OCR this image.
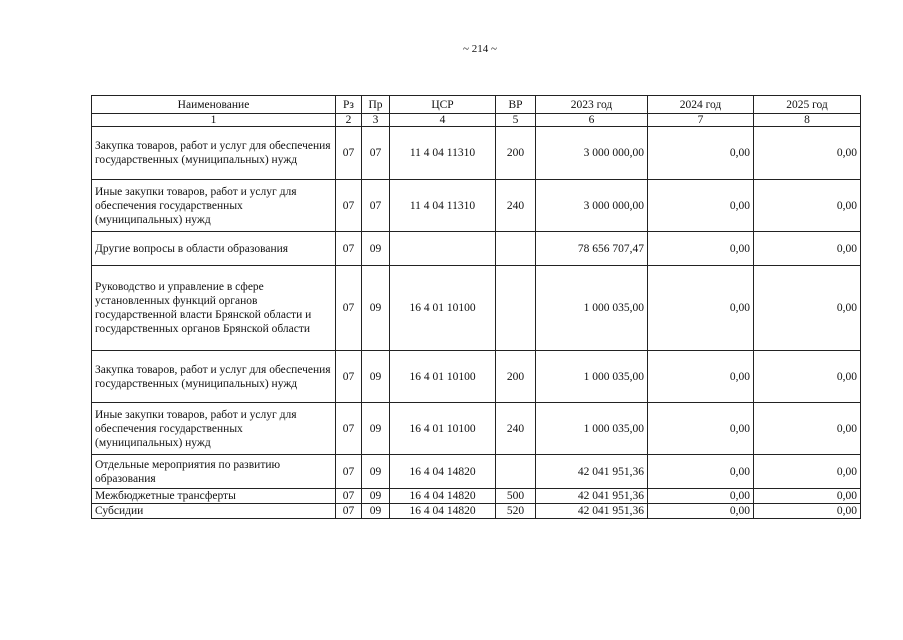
~ 214 ~
Наименование	Рз	Пр	ЦСР	ВР	2023 год	2024 год	2025 год
1	2	3	4	5	6	7	8
Закупка товаров, работ и услуг для обеспечения государственных (муниципальных) нужд	07	07	11 4 04 11310	200	3 000 000,00	0,00	0,00
Иные закупки товаров, работ и услуг для обеспечения государственных (муниципальных) нужд	07	07	11 4 04 11310	240	3 000 000,00	0,00	0,00
Другие вопросы в области образования	07	09			78 656 707,47	0,00	0,00
Руководство и управление в сфере установленных функций органов государственной власти Брянской области и государственных органов Брянской области	07	09	16 4 01 10100		1 000 035,00	0,00	0,00
Закупка товаров, работ и услуг для обеспечения государственных (муниципальных) нужд	07	09	16 4 01 10100	200	1 000 035,00	0,00	0,00
Иные закупки товаров, работ и услуг для обеспечения государственных (муниципальных) нужд	07	09	16 4 01 10100	240	1 000 035,00	0,00	0,00
Отдельные мероприятия по развитию образования	07	09	16 4 04 14820		42 041 951,36	0,00	0,00
Межбюджетные трансферты	07	09	16 4 04 14820	500	42 041 951,36	0,00	0,00
Субсидии	07	09	16 4 04 14820	520	42 041 951,36	0,00	0,00
